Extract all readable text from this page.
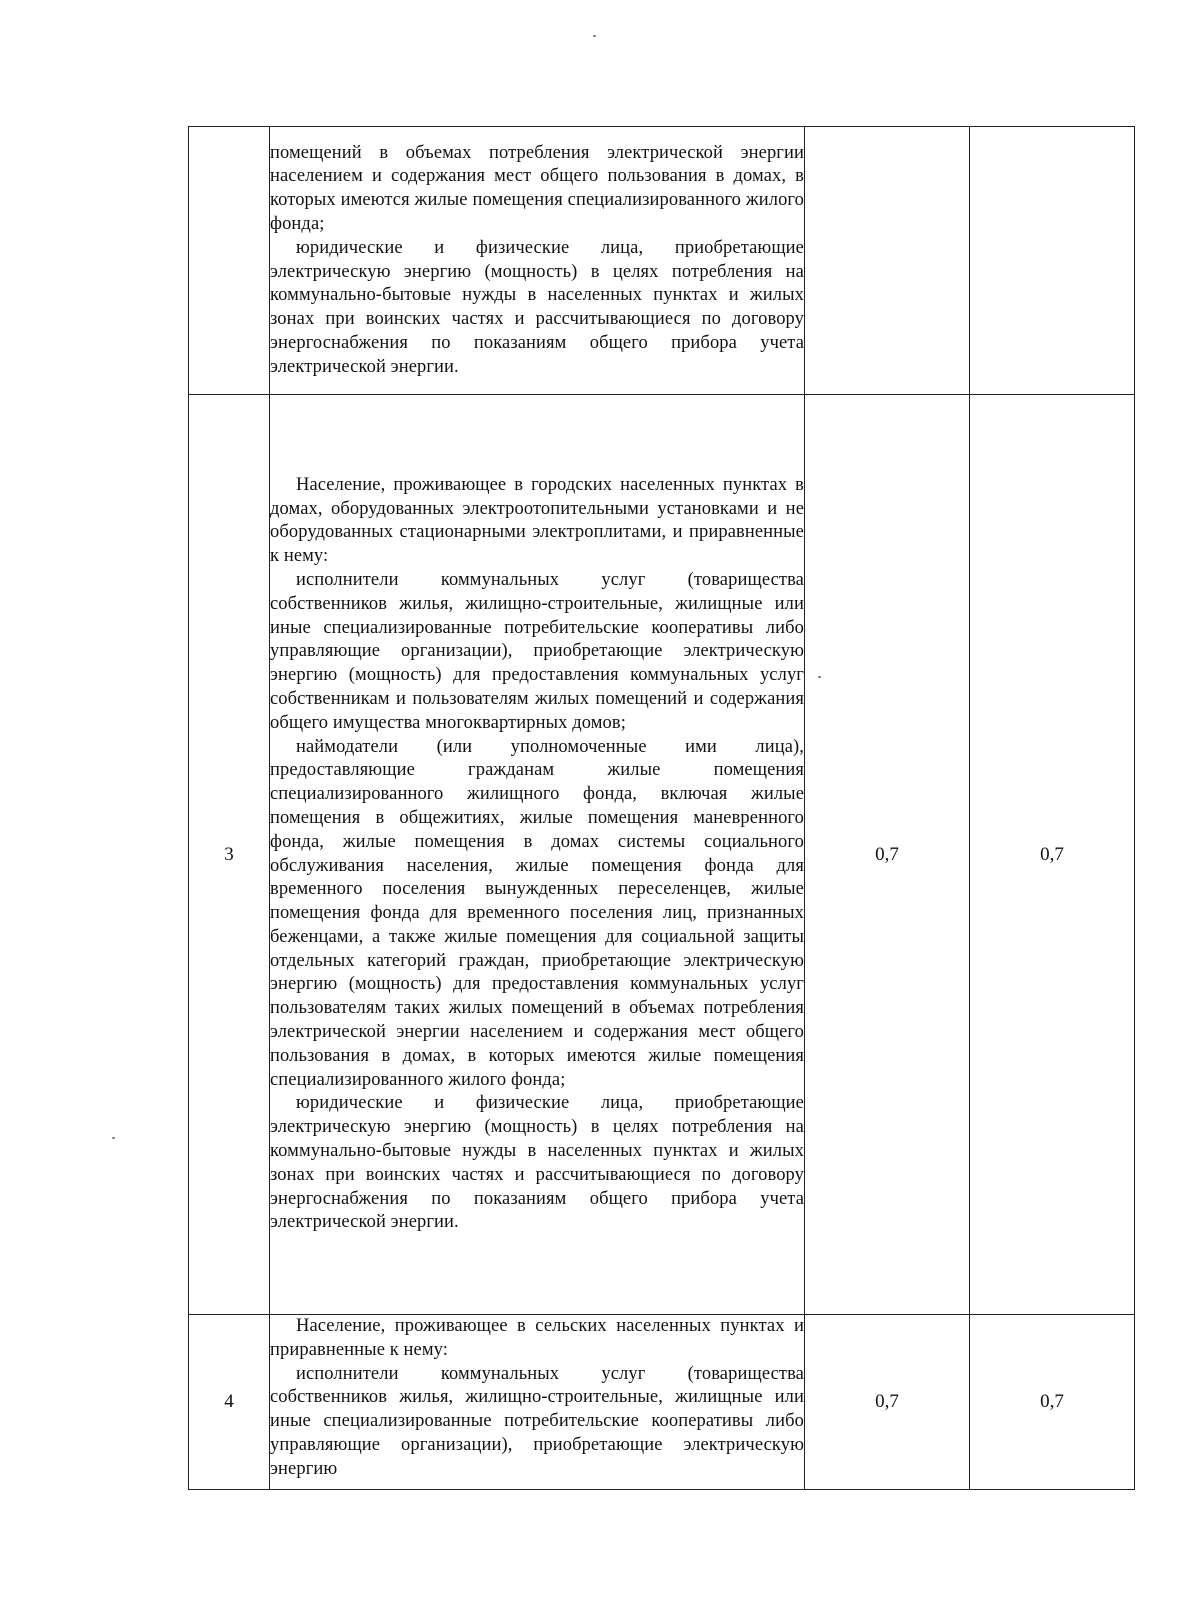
	помещений в объемах потребления электрической энергии населением и содержания мест общего пользования в домах, в которых имеются жилые помещения специализированного жилого фонда;

юридические и физические лица, приобретающие электрическую энергию (мощность) в целях потребления на коммунально-бытовые нужды в населенных пунктах и жилых зонах при воинских частях и рассчитывающиеся по договору энергоснабжения по показаниям общего прибора учета электрической энергии.		

3	Население, проживающее в городских населенных пунктах в домах, оборудованных электроотопительными установками и не оборудованных стационарными электроплитами, и приравненные к нему:

исполнители коммунальных услуг (товарищества собственников жилья, жилищно-строительные, жилищные или иные специализированные потребительские кооперативы либо управляющие организации), приобретающие электрическую энергию (мощность) для предоставления коммунальных услуг собственникам и пользователям жилых помещений и содержания общего имущества многоквартирных домов;

наймодатели (или уполномоченные ими лица), предоставляющие гражданам жилые помещения специализированного жилищного фонда, включая жилые помещения в общежитиях, жилые помещения маневренного фонда, жилые помещения в домах системы социального обслуживания населения, жилые помещения фонда для временного поселения вынужденных переселенцев, жилые помещения фонда для временного поселения лиц, признанных беженцами, а также жилые помещения для социальной защиты отдельных категорий граждан, приобретающие электрическую энергию (мощность) для предоставления коммунальных услуг пользователям таких жилых помещений в объемах потребления электрической энергии населением и содержания мест общего пользования в домах, в которых имеются жилые помещения специализированного жилого фонда;

юридические и физические лица, приобретающие электрическую энергию (мощность) в целях потребления на коммунально-бытовые нужды в населенных пунктах и жилых зонах при воинских частях и рассчитывающиеся по договору энергоснабжения по показаниям общего прибора учета электрической энергии.	0,7	0,7
4	Население, проживающее в сельских населенных пунктах и приравненные к нему:

исполнители коммунальных услуг (товарищества собственников жилья, жилищно-строительные, жилищные или иные специализированные потребительские кооперативы либо управляющие организации), приобретающие электрическую энергию	0,7	0,7
